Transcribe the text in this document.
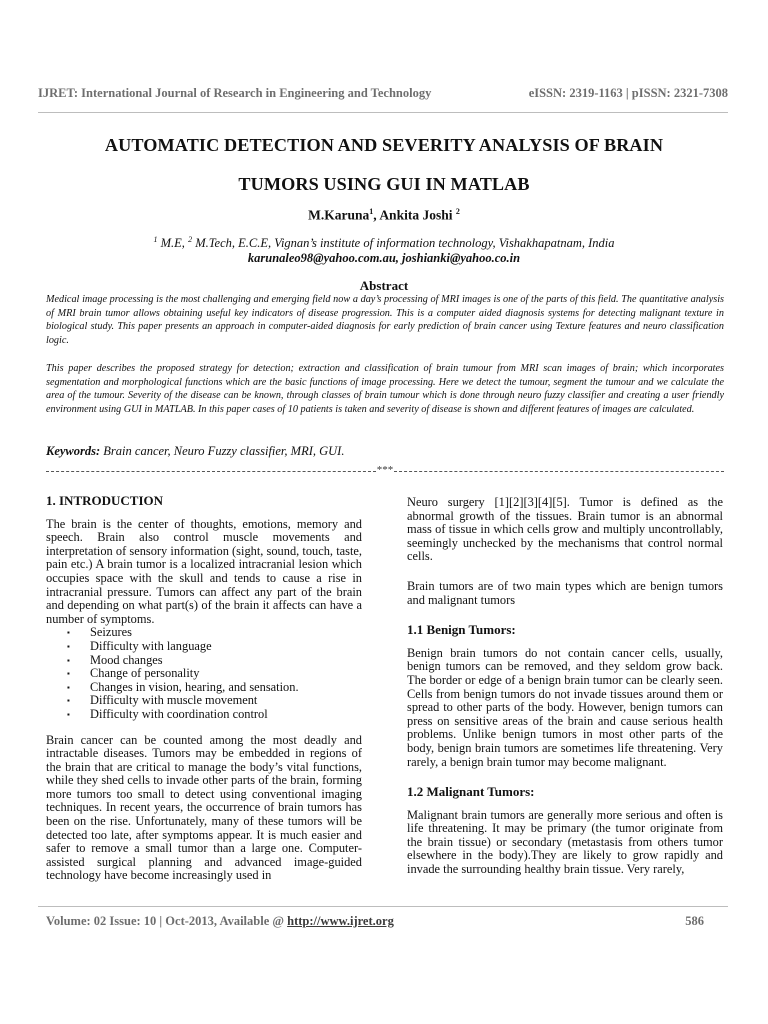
IJRET: International Journal of Research in Engineering and Technology	eISSN: 2319-1163 | pISSN: 2321-7308
AUTOMATIC DETECTION AND SEVERITY ANALYSIS OF BRAIN
TUMORS USING GUI IN MATLAB
M.Karuna$^1$, Ankita Joshi $^2$
$^1$ M.E, $^2$ M.Tech, E.C.E, Vignan’s institute of information technology, Vishakhapatnam, India
karunaleo98@yahoo.com.au, joshianki@yahoo.co.in
Abstract
Medical image processing is the most challenging and emerging field now a day’s processing of MRI images is one of the parts of this field. The quantitative analysis of MRI brain tumor allows obtaining useful key indicators of disease progression. This is a computer aided diagnosis systems for detecting malignant texture in biological study. This paper presents an approach in computer-aided diagnosis for early prediction of brain cancer using Texture features and neuro classification logic.
This paper describes the proposed strategy for detection; extraction and classification of brain tumour from MRI scan images of brain; which incorporates segmentation and morphological functions which are the basic functions of image processing. Here we detect the tumour, segment the tumour and we calculate the area of the tumour. Severity of the disease can be known, through classes of brain tumour which is done through neuro fuzzy classifier and creating a user friendly environment using GUI in MATLAB. In this paper cases of 10 patients is taken and severity of disease is shown and different features of images are calculated.
Keywords: Brain cancer, Neuro Fuzzy classifier, MRI, GUI.
***
1. INTRODUCTION

The brain is the center of thoughts, emotions, memory and speech. Brain also control muscle movements and interpretation of sensory information (sight, sound, touch, taste, pain etc.) A brain tumor is a localized intracranial lesion which occupies space with the skull and tends to cause a rise in intracranial pressure. Tumors can affect any part of the brain and depending on what part(s) of the brain it affects can have a number of symptoms.

▪ Seizures
▪ Difficulty with language
▪ Mood changes
▪ Change of personality
▪ Changes in vision, hearing, and sensation.
▪ Difficulty with muscle movement
▪ Difficulty with coordination control

Brain cancer can be counted among the most deadly and intractable diseases. Tumors may be embedded in regions of the brain that are critical to manage the body’s vital functions, while they shed cells to invade other parts of the brain, forming more tumors too small to detect using conventional imaging techniques. In recent years, the occurrence of brain tumors has been on the rise. Unfortunately, many of these tumors will be detected too late, after symptoms appear. It is much easier and safer to remove a small tumor than a large one. Computer-assisted surgical planning and advanced image-guided technology have become increasingly used in

Neuro surgery [1][2][3][4][5]. Tumor is defined as the abnormal growth of the tissues. Brain tumor is an abnormal mass of tissue in which cells grow and multiply uncontrollably, seemingly unchecked by the mechanisms that control normal cells.

Brain tumors are of two main types which are benign tumors and malignant tumors

1.1 Benign Tumors:

Benign brain tumors do not contain cancer cells, usually, benign tumors can be removed, and they seldom grow back. The border or edge of a benign brain tumor can be clearly seen. Cells from benign tumors do not invade tissues around them or spread to other parts of the body. However, benign tumors can press on sensitive areas of the brain and cause serious health problems. Unlike benign tumors in most other parts of the body, benign brain tumors are sometimes life threatening. Very rarely, a benign brain tumor may become malignant.

1.2 Malignant Tumors:

Malignant brain tumors are generally more serious and often is life threatening. It may be primary (the tumor originate from the brain tissue) or secondary (metastasis from others tumor elsewhere in the body).They are likely to grow rapidly and invade the surrounding healthy brain tissue. Very rarely,

Volume: 02 Issue: 10 | Oct-2013, Available @ http://www.ijret.org	586
